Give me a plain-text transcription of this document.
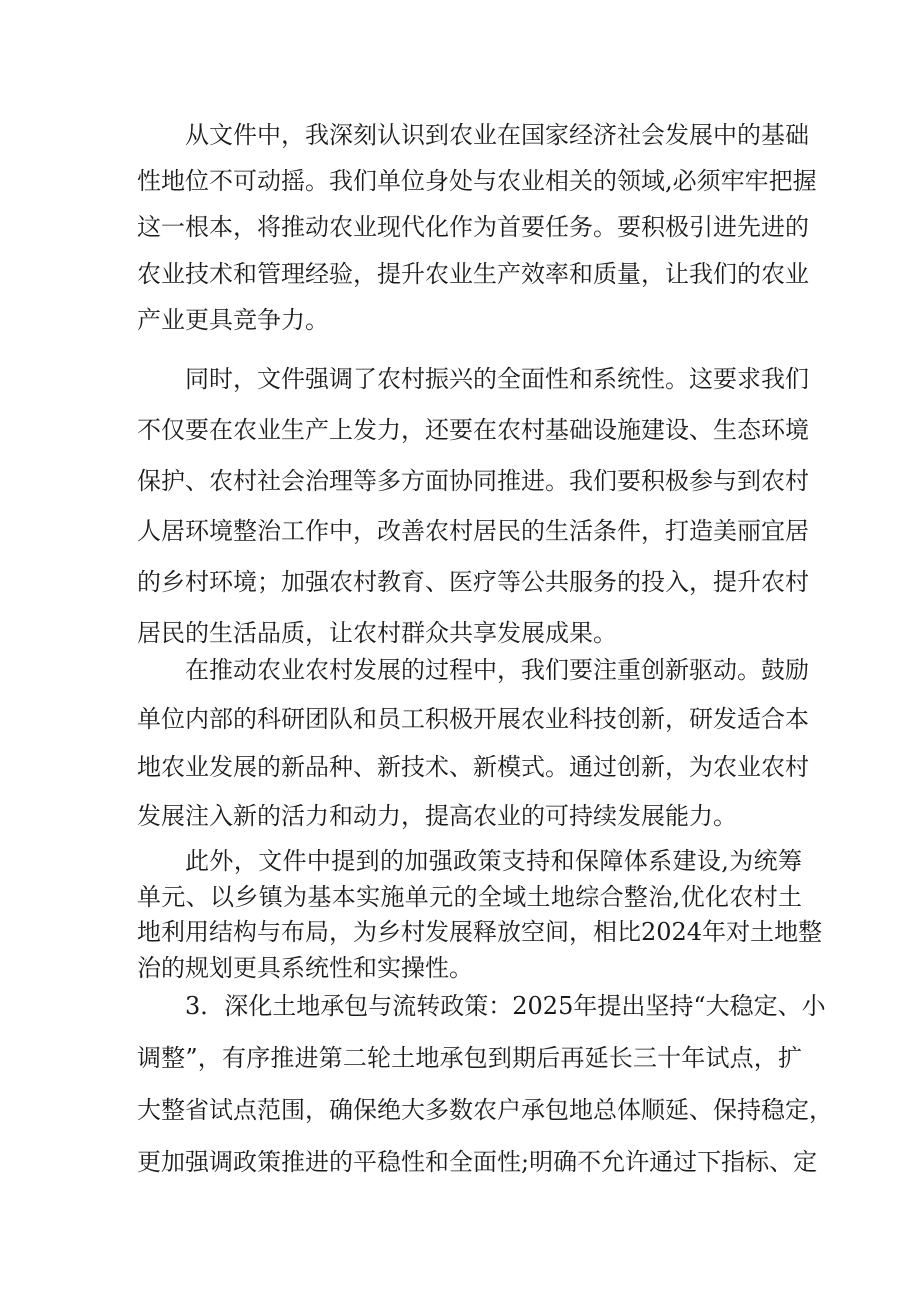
从文件中，我深刻认识到农业在国家经济社会发展中的基础
性地位不可动摇。我们单位身处与农业相关的领域,必须牢牢把握
这一根本，将推动农业现代化作为首要任务。要积极引进先进的
农业技术和管理经验，提升农业生产效率和质量，让我们的农业
产业更具竞争力。

同时，文件强调了农村振兴的全面性和系统性。这要求我们
不仅要在农业生产上发力，还要在农村基础设施建设、生态环境
保护、农村社会治理等多方面协同推进。我们要积极参与到农村
人居环境整治工作中，改善农村居民的生活条件，打造美丽宜居
的乡村环境；加强农村教育、医疗等公共服务的投入，提升农村
居民的生活品质，让农村群众共享发展成果。

在推动农业农村发展的过程中，我们要注重创新驱动。鼓励
单位内部的科研团队和员工积极开展农业科技创新，研发适合本
地农业发展的新品种、新技术、新模式。通过创新，为农业农村
发展注入新的活力和动力，提高农业的可持续发展能力。

此外，文件中提到的加强政策支持和保障体系建设,为统筹
单元、以乡镇为基本实施单元的全域土地综合整治,优化农村土
地利用结构与布局，为乡村发展释放空间，相比2024年对土地整
治的规划更具系统性和实操性。

3．深化土地承包与流转政策：2025年提出坚持“大稳定、小
调整”，有序推进第二轮土地承包到期后再延长三十年试点，扩
大整省试点范围，确保绝大多数农户承包地总体顺延、保持稳定，
更加强调政策推进的平稳性和全面性;明确不允许通过下指标、定
